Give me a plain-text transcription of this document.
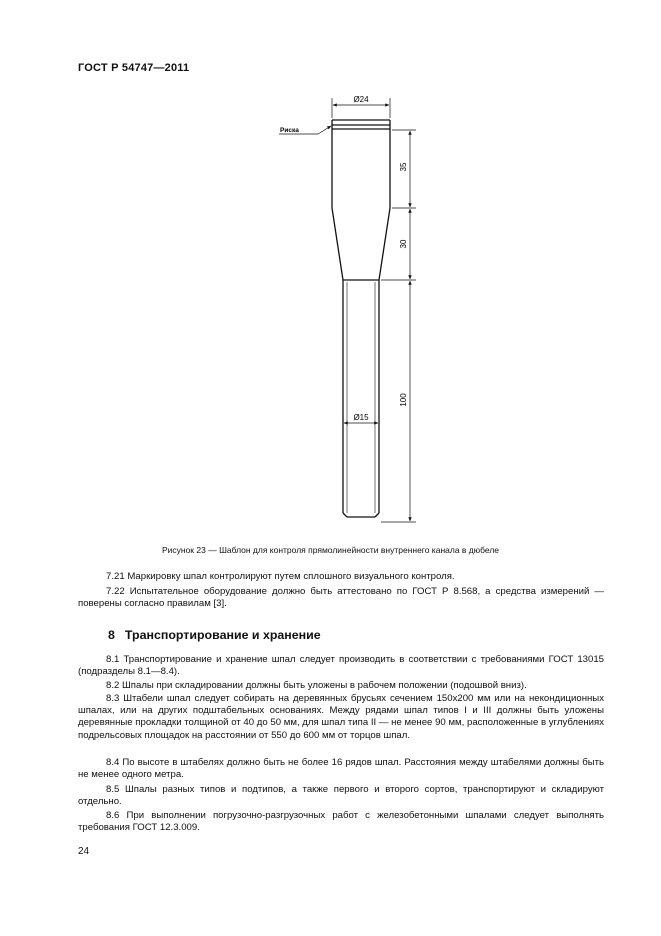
ГОСТ Р 54747—2011
Ø24
Риска
35
30
100
Ø15
Рисунок 23 — Шаблон для контроля прямолинейности внутреннего канала в дюбеле
7.21 Маркировку шпал контролируют путем сплошного визуального контроля.
7.22 Испытательное оборудование должно быть аттестовано по ГОСТ Р 8.568, а средства измерений — поверены согласно правилам [3].
8 Транспортирование и хранение
8.1 Транспортирование и хранение шпал следует производить в соответствии с требованиями ГОСТ 13015 (подразделы 8.1—8.4).
8.2 Шпалы при складировании должны быть уложены в рабочем положении (подошвой вниз).
8.3 Штабели шпал следует собирать на деревянных брусьях сечением 150х200 мм или на некондиционных шпалах, или на других подштабельных основаниях. Между рядами шпал типов I и III должны быть уложены деревянные прокладки толщиной от 40 до 50 мм, для шпал типа II — не менее 90 мм, расположенные в углублениях подрельсовых площадок на расстоянии от 550 до 600 мм от торцов шпал.
8.4 По высоте в штабелях должно быть не более 16 рядов шпал. Расстояния между штабелями должны быть не менее одного метра.
8.5 Шпалы разных типов и подтипов, а также первого и второго сортов, транспортируют и складируют отдельно.
8.6 При выполнении погрузочно-разгрузочных работ с железобетонными шпалами следует выполнять требования ГОСТ 12.3.009.
24
